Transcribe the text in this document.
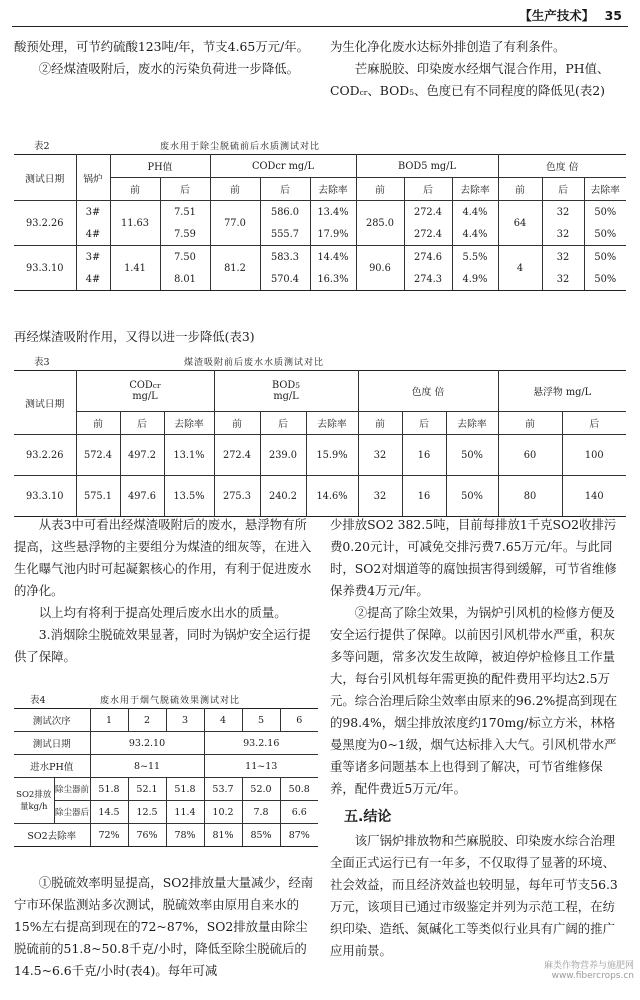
【生产技术】 35

酸预处理，可节约硫酸123吨/年，节支4.65万元/年。

②经煤渣吸附后，废水的污染负荷进一步降低。

为生化净化废水达标外排创造了有利条件。

芒麻脱胶、印染废水经烟气混合作用，PH值、CODcr、BOD5、色度已有不同程度的降低见(表2)

表2	废水用于除尘脱硫前后水质测试对比
测试日期	锅炉	PH值		CODcr mg/L			BOD5 mg/L			色度 倍		
		前	后	前	后	去除率	前	后	去除率	前	后	去除率
93.2.26	3#	11.63	7.51	77.0	586.0	13.4%	285.0	272.4	4.4%	64	32	50%
	4#		7.59		555.7	17.9%		272.4	4.4%		32	50%
93.3.10	3#	1.41	7.50	81.2	583.3	14.4%	90.6	274.6	5.5%	4	32	50%
	4#		8.01		570.4	16.3%		274.3	4.9%		32	50%

再经煤渣吸附作用，又得以进一步降低(表3)

表3	煤渣吸附前后废水水质测试对比
测试日期	CODcr
mg/L			BOD5
mg/L			色度 倍			悬浮物 mg/L	
	前	后	去除率	前	后	去除率	前	后	去除率	前	后
93.2.26	572.4	497.2	13.1%	272.4	239.0	15.9%	32	16	50%	60	100
93.3.10	575.1	497.6	13.5%	275.3	240.2	14.6%	32	16	50%	80	140

从表3中可看出经煤渣吸附后的废水，悬浮物有所提高，这些悬浮物的主要组分为煤渣的细灰等，在进入生化曝气池内时可起凝絮核心的作用，有利于促进废水的净化。

以上均有将利于提高处理后废水出水的质量。

3.消烟除尘脱硫效果显著，同时为锅炉安全运行提供了保障。

表4	废水用于烟气脱硫效果测试对比
测试次序		1	2	3	4	5	6
测试日期		93.2.10			93.2.16		
进水PH值		8~11			11~13		
SO2排放量kg/h	除尘器前	51.8	52.1	51.8	53.7	52.0	50.8
	除尘器后	14.5	12.5	11.4	10.2	7.8	6.6
SO2去除率		72%	76%	78%	81%	85%	87%

①脱硫效率明显提高，SO2排放量大量减少，经南宁市环保监测站多次测试，脱硫效率由原用自来水的15%左右提高到现在的72~87%，SO2排放量由除尘脱硫前的51.8~50.8千克/小时，降低至除尘脱硫后的14.5~6.6千克/小时(表4)。每年可减

少排放SO2 382.5吨，目前每排放1千克SO2收排污费0.20元计，可减免交排污费7.65万元/年。与此同时，SO2对烟道等的腐蚀损害得到缓解，可节省维修保养费4万元/年。

②提高了除尘效果，为锅炉引风机的检修方便及安全运行提供了保障。以前因引风机带水严重，积灰多等问题，常多次发生故障，被迫停炉检修且工作量大，每台引风机每年需更换的配件费用平均达2.5万元。综合治理后除尘效率由原来的96.2%提高到现在的98.4%，烟尘排放浓度约170mg/标立方米，林格曼黑度为0~1级，烟气达标排入大气。引风机带水严重等诸多问题基本上也得到了解决，可节省维修保养，配件费近5万元/年。

五.结论

该厂锅炉排放物和苎麻脱胶、印染废水综合治理全面正式运行已有一年多，不仅取得了显著的环境、社会效益，而且经济效益也较明显，每年可节支56.3万元，该项目已通过市级鉴定并列为示范工程，在纺织印染、造纸、氮碱化工等类似行业具有广阔的推广应用前景。

麻类作物营养与施肥网
www.fibercrops.cn
